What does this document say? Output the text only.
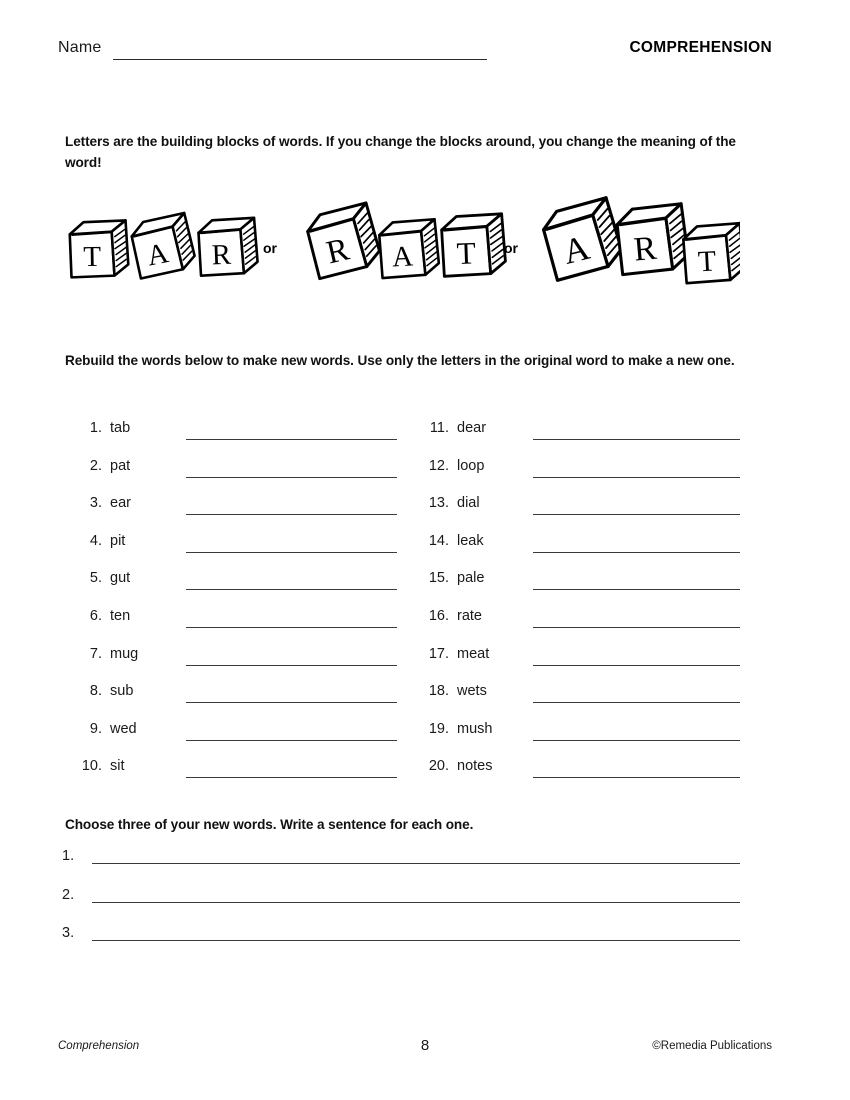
Name	COMPREHENSION
Letters are the building blocks of words. If you change the blocks around, you change the meaning of the word!
T A R	R A T	A R T
or	or
Rebuild the words below to make new words. Use only the letters in the original word to make a new one.
1. tab
2. pat
3. ear
4. pit
5. gut
6. ten
7. mug
8. sub
9. wed
10. sit
11. dear
12. loop
13. dial
14. leak
15. pale
16. rate
17. meat
18. wets
19. mush
20. notes
Choose three of your new words. Write a sentence for each one.
1.
2.
3.
Comprehension	8	©Remedia Publications
